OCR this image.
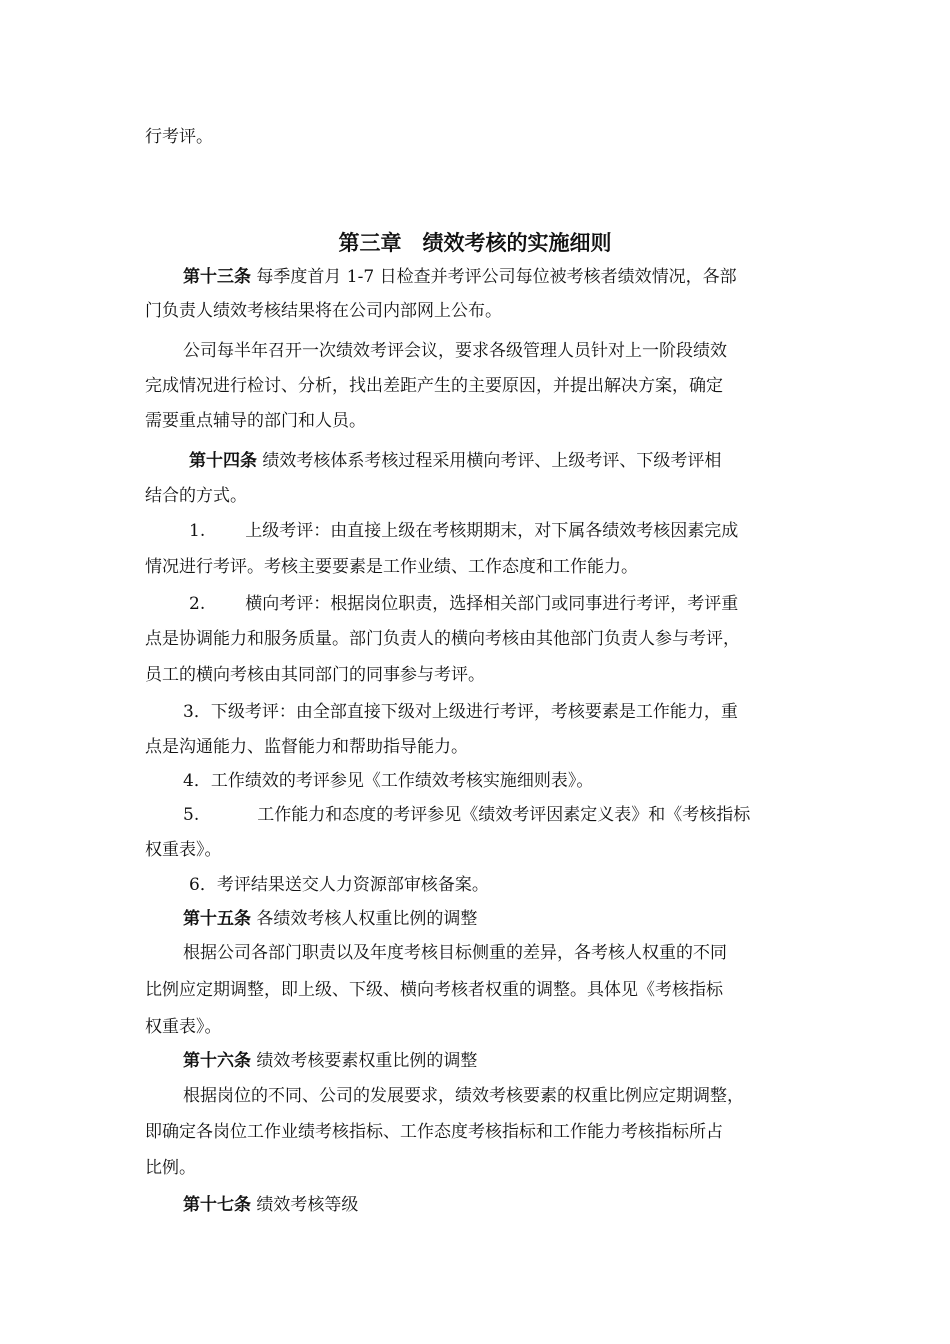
行考评。
第三章　绩效考核的实施细则
第十三条 每季度首月 1-7 日检查并考评公司每位被考核者绩效情况，各部
门负责人绩效考核结果将在公司内部网上公布。
公司每半年召开一次绩效考评会议，要求各级管理人员针对上一阶段绩效
完成情况进行检讨、分析，找出差距产生的主要原因，并提出解决方案，确定
需要重点辅导的部门和人员。
第十四条 绩效考核体系考核过程采用横向考评、上级考评、下级考评相
结合的方式。
1. 上级考评：由直接上级在考核期期末，对下属各绩效考核因素完成
情况进行考评。考核主要要素是工作业绩、工作态度和工作能力。
2. 横向考评：根据岗位职责，选择相关部门或同事进行考评，考评重
点是协调能力和服务质量。部门负责人的横向考核由其他部门负责人参与考评，
员工的横向考核由其同部门的同事参与考评。
3．下级考评：由全部直接下级对上级进行考评，考核要素是工作能力，重
点是沟通能力、监督能力和帮助指导能力。
4．工作绩效的考评参见《工作绩效考核实施细则表》。
5.	工作能力和态度的考评参见《绩效考评因素定义表》和《考核指标
权重表》。
6．考评结果送交人力资源部审核备案。
第十五条 各绩效考核人权重比例的调整
根据公司各部门职责以及年度考核目标侧重的差异，各考核人权重的不同
比例应定期调整，即上级、下级、横向考核者权重的调整。具体见《考核指标
权重表》。
第十六条 绩效考核要素权重比例的调整
根据岗位的不同、公司的发展要求，绩效考核要素的权重比例应定期调整，
即确定各岗位工作业绩考核指标、工作态度考核指标和工作能力考核指标所占
比例。
第十七条 绩效考核等级
